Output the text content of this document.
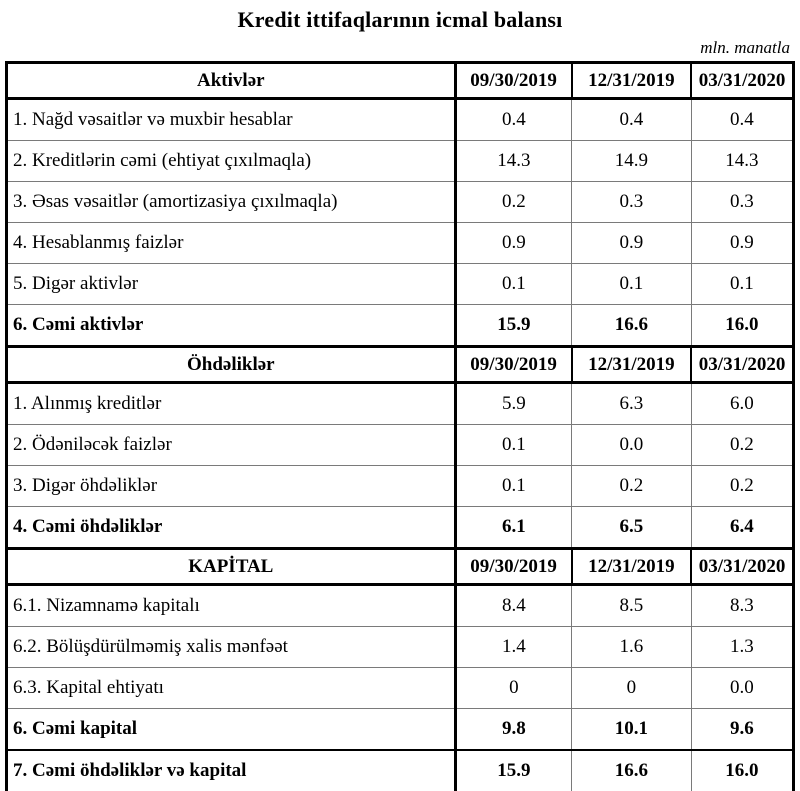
Kredit ittifaqlarının icmal balansı
mln. manatla
Aktivlər	09/30/2019	12/31/2019	03/31/2020
1. Nağd vəsaitlər və muxbir hesablar	0.4	0.4	0.4
2. Kreditlərin cəmi (ehtiyat çıxılmaqla)	14.3	14.9	14.3
3. Əsas vəsaitlər (amortizasiya çıxılmaqla)	0.2	0.3	0.3
4. Hesablanmış faizlər	0.9	0.9	0.9
5. Digər aktivlər	0.1	0.1	0.1
6. Cəmi aktivlər	15.9	16.6	16.0
Öhdəliklər	09/30/2019	12/31/2019	03/31/2020
1. Alınmış kreditlər	5.9	6.3	6.0
2. Ödəniləcək faizlər	0.1	0.0	0.2
3. Digər öhdəliklər	0.1	0.2	0.2
4. Cəmi öhdəliklər	6.1	6.5	6.4
KAPİTAL	09/30/2019	12/31/2019	03/31/2020
6.1. Nizamnamə kapitalı	8.4	8.5	8.3
6.2. Bölüşdürülməmiş xalis mənfəət	1.4	1.6	1.3
6.3. Kapital ehtiyatı	0	0	0.0
6. Cəmi kapital	9.8	10.1	9.6
7. Cəmi öhdəliklər və kapital	15.9	16.6	16.0
